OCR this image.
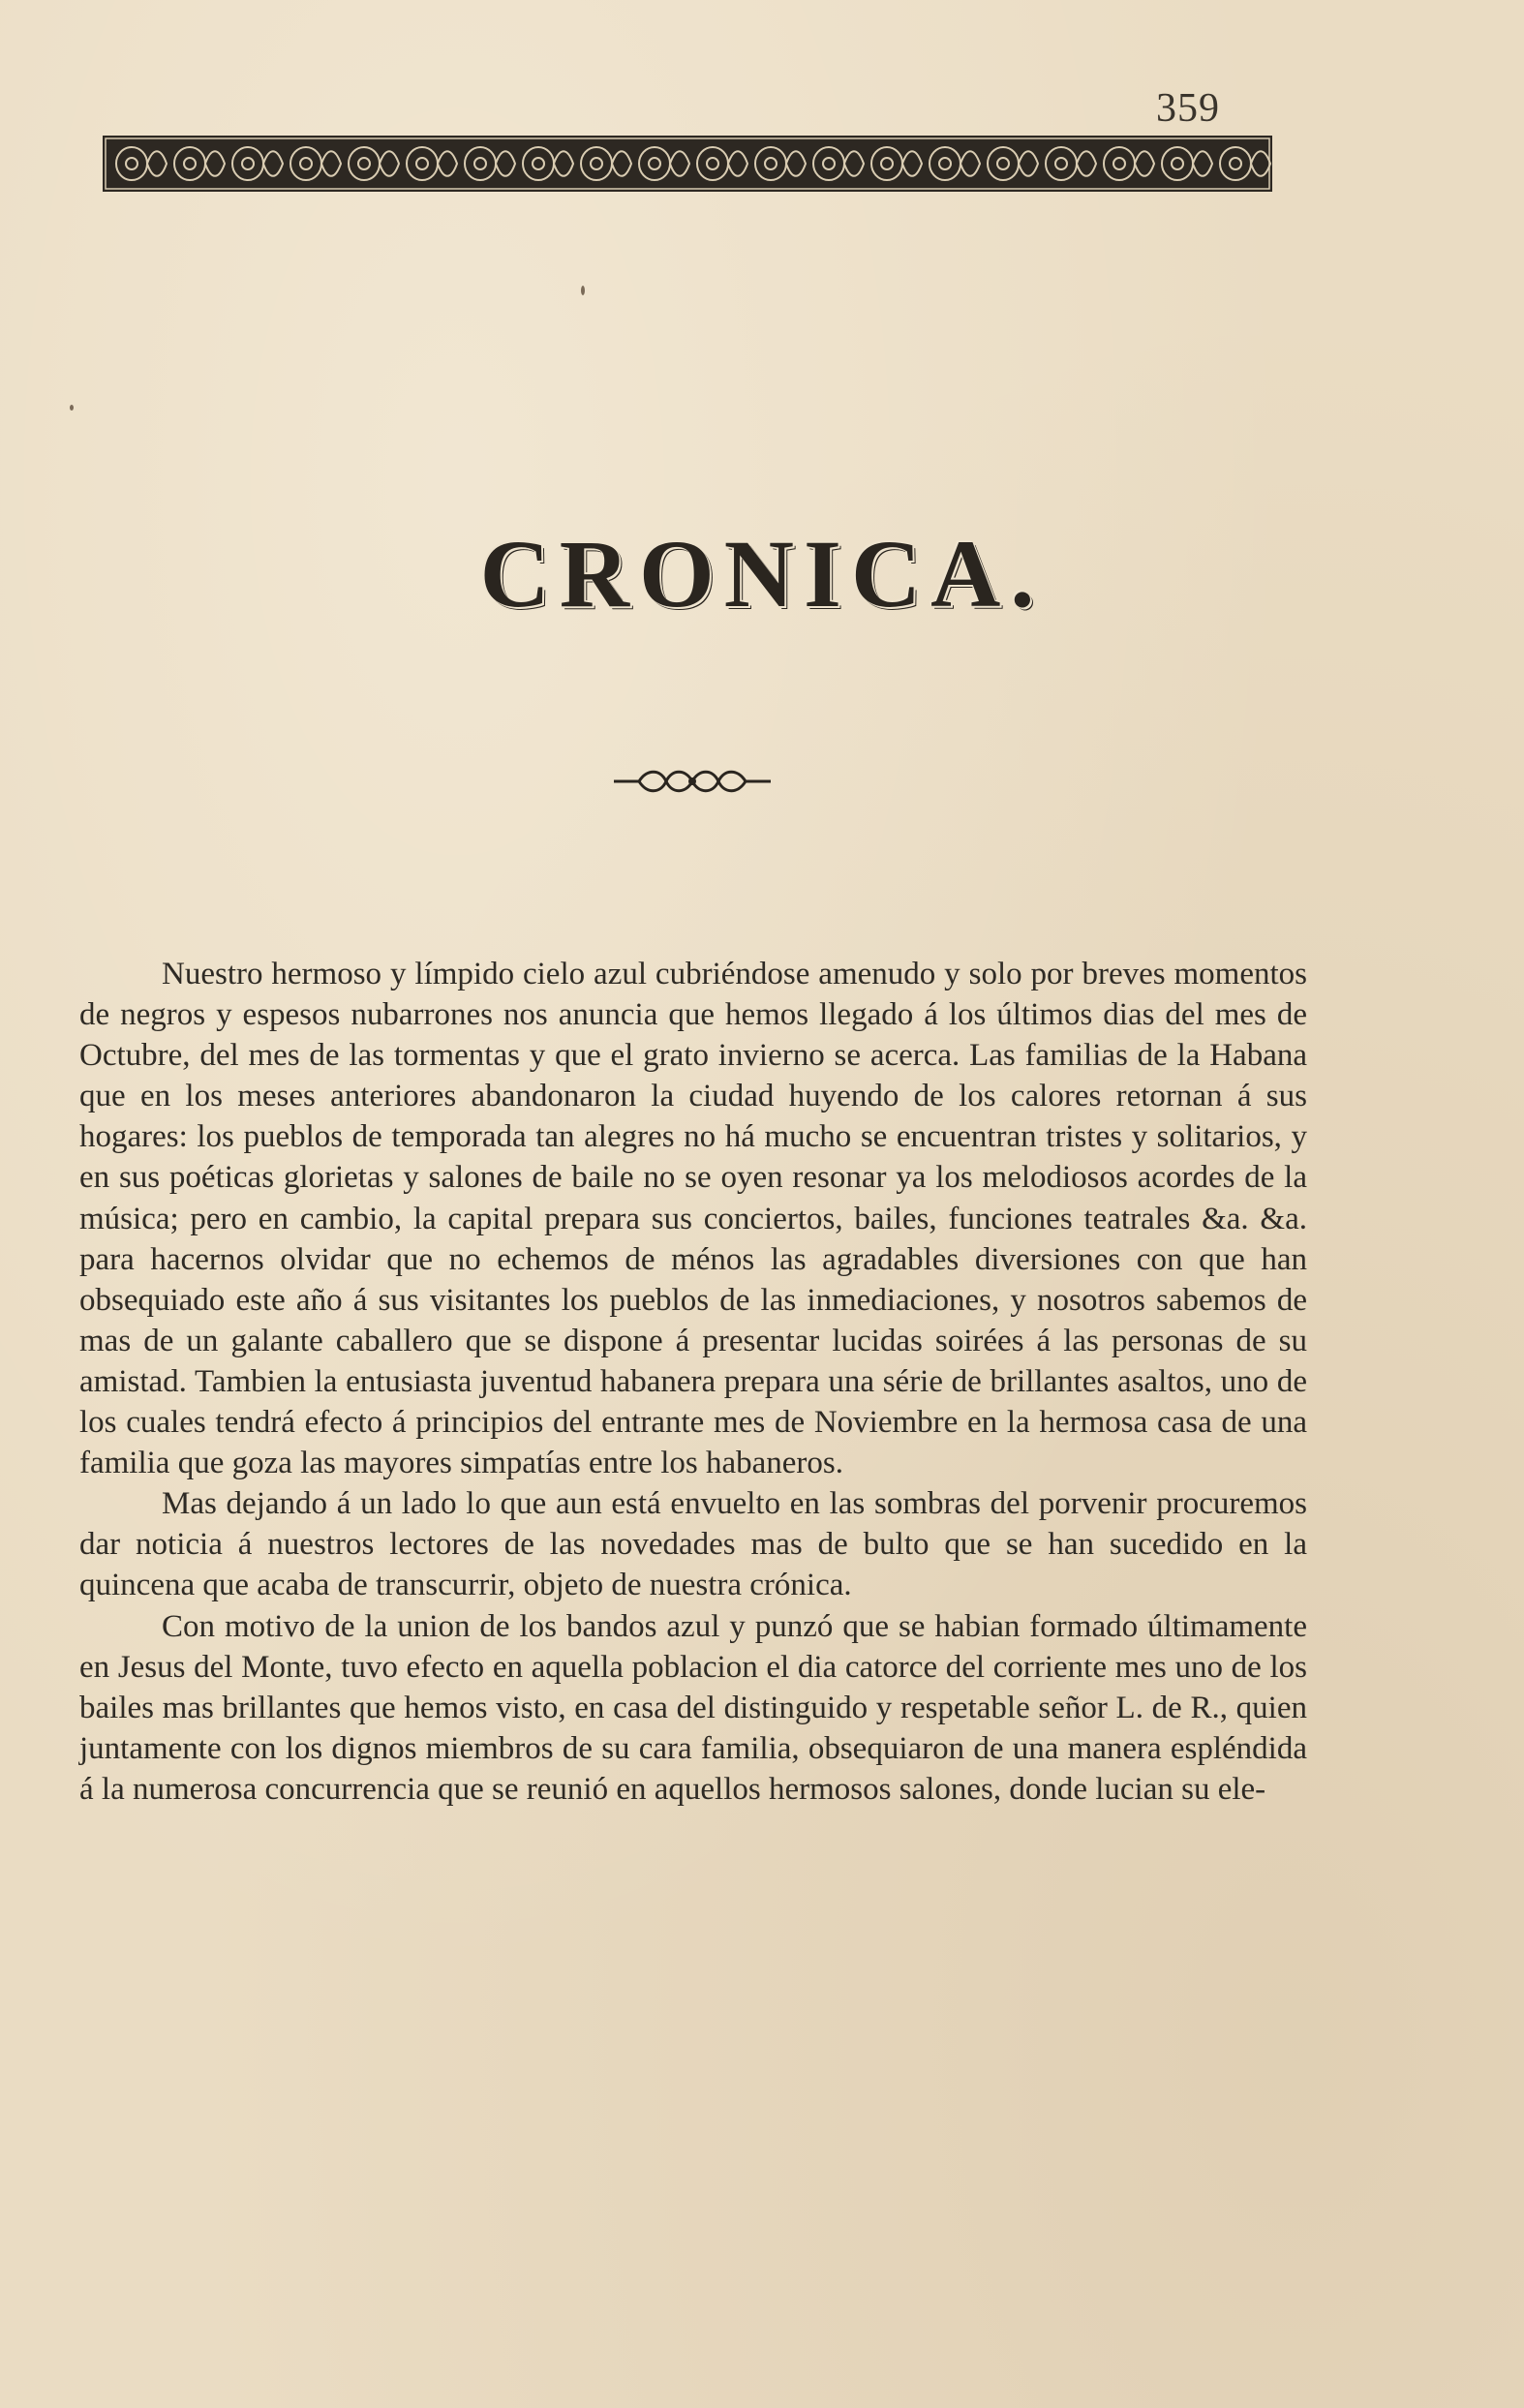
359
CRONICA.

Nuestro hermoso y límpido cielo azul cubriéndose amenudo y solo por breves momentos de negros y espesos nubarrones nos anuncia que hemos llegado á los últimos dias del mes de Octubre, del mes de las tormentas y que el grato invierno se acerca. Las familias de la Habana que en los meses anteriores abandonaron la ciudad huyendo de los calores retornan á sus hogares: los pueblos de temporada tan alegres no há mucho se encuentran tristes y solitarios, y en sus poéticas glorietas y salones de baile no se oyen resonar ya los melodiosos acordes de la música; pero en cambio, la capital prepara sus conciertos, bailes, funciones teatrales &a. &a. para hacernos olvidar que no echemos de ménos las agradables diversiones con que han obsequiado este año á sus visitantes los pueblos de las inmediaciones, y nosotros sabemos de mas de un galante caballero que se dispone á presentar lucidas soirées á las personas de su amistad. Tambien la entusiasta juventud habanera prepara una série de brillantes asaltos, uno de los cuales tendrá efecto á principios del entrante mes de Noviembre en la hermosa casa de una familia que goza las mayores simpatías entre los habaneros.

Mas dejando á un lado lo que aun está envuelto en las sombras del porvenir procuremos dar noticia á nuestros lectores de las novedades mas de bulto que se han sucedido en la quincena que acaba de transcurrir, objeto de nuestra crónica.

Con motivo de la union de los bandos azul y punzó que se habian formado últimamente en Jesus del Monte, tuvo efecto en aquella poblacion el dia catorce del corriente mes uno de los bailes mas brillantes que hemos visto, en casa del distinguido y respetable señor L. de R., quien juntamente con los dignos miembros de su cara familia, obsequiaron de una manera espléndida á la numerosa concurrencia que se reunió en aquellos hermosos salones, donde lucian su ele-
